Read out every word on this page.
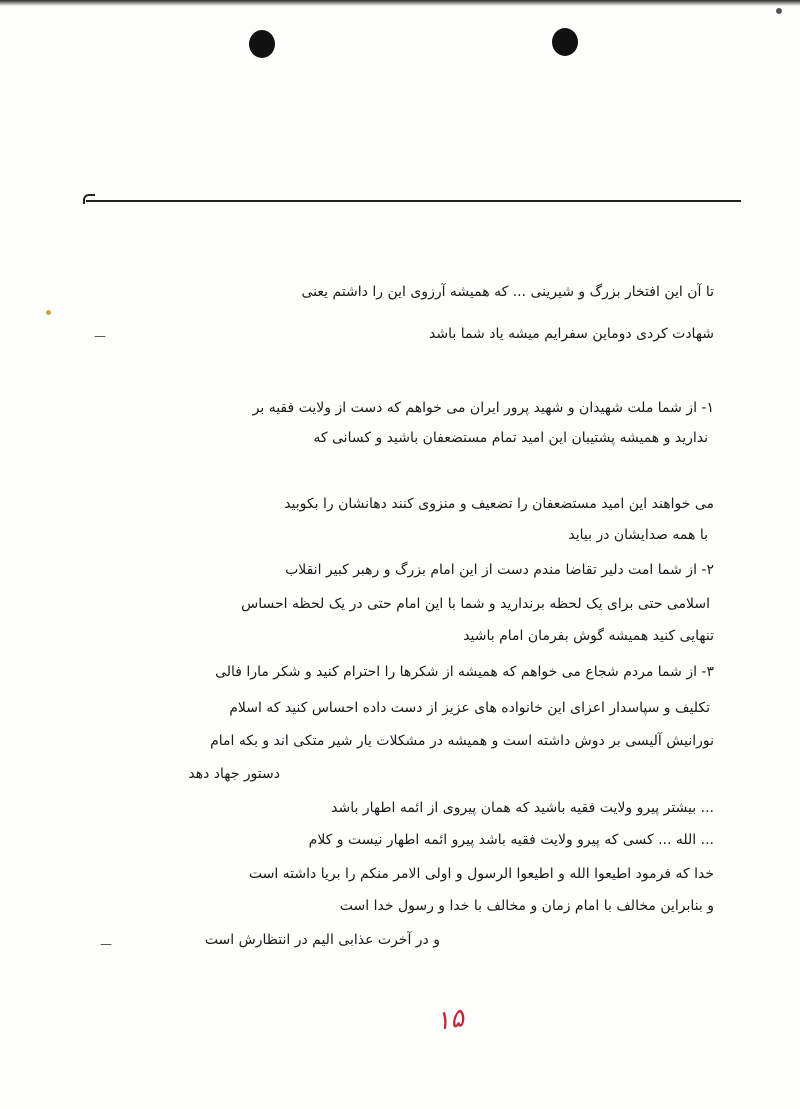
تا آن این افتخار بزرگ و شیرینی ... که همیشه آرزوی این را داشتم یعنی
شهادت کردی دوماین سفرایم میشه یاد شما باشد
—
۱- از شما ملت شهیدان و شهید پرور ایران می خواهم که دست از ولایت فقیه بر
ندارید و همیشه پشتیبان این امید تمام مستضعفان باشید و کسانی که
می خواهند این امید مستضعفان را تضعیف و منزوی کنند دهانشان را بکوبید
با همه صدایشان در بیاید
۲- از شما امت دلیر تقاضا مندم دست از این امام بزرگ و رهبر کبیر انقلاب
اسلامی حتی برای یک لحظه برندارید و شما با این امام حتی در یک لحظه احساس
تنهایی کنید همیشه گوش بفرمان امام باشید
۳- از شما مردم شجاع می خواهم که همیشه از شکرها را احترام کنید و شکر مارا فالی
تکلیف و سپاسدار اعزای این خانواده های عزیز از دست داده احساس کنید که اسلام
نورانیش آلیسی بر دوش داشته است و همیشه در مشکلات یار شیر متکی اند و بکه امام
دستور جهاد دهد
... بیشتر پیرو ولایت فقیه باشید که همان پیروی از ائمه اطهار باشد
... الله ... کسی که پیرو ولایت فقیه باشد پیرو ائمه اطهار نیست و کلام
خدا که فرمود اطیعوا الله و اطیعوا الرسول و اولی الامر منکم را بریا داشته است
و بنابراین مخالف با امام زمان و مخالف با خدا و رسول خدا است
و در آخرت عذابی الیم در انتظارش است
—
۱۵
